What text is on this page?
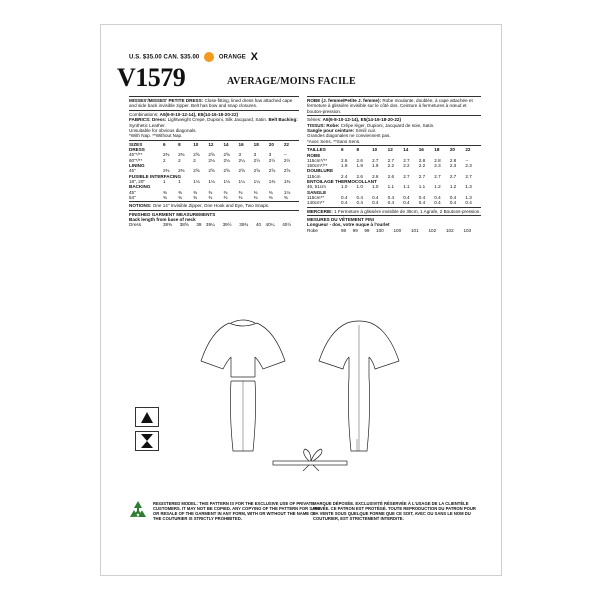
U.S. $35.00 CAN. $35.00	ORANGE X
V1579	AVERAGE/MOINS FACILE

MISSES'/MISSES' PETITE DRESS: Close-fitting, lined dress has attached cape and side back invisible zipper. Belt has bow and snap closures.

Combinations: A5(6-8-10-12-14), E5(14-16-18-20-22)

FABRICS: Dress: Lightweight Crepe, Dupioni, Silk Jacquard, Satin. Belt Backing: Synthetic Leather.

Unsuitable for obvious diagonals.

*With Nap. **Without Nap.

SIZES	6	8	10	12	14	16	18	20	22
DRESS									
45"*/**	2⅜	2⅜	2⅝	2⅝	2⅝	3	3	3	--
60"*/**	2	2	2	2⅛	2⅛	2¼	2½	2½	2½
LINING									
45"	2⅜	2⅜	2⅝	2⅝	2⅝	2⅝	2⅝	2⅝	2⅝
FUSIBLE INTERFACING									
18", 20"	1	1	1⅛	1⅛	1⅛	1¼	1¼	1⅜	1⅜
BACKING									
45"	⅜	⅜	⅜	⅜	⅜	⅜	⅜	⅜	1⅛
54"	⅜	⅜	⅜	⅜	⅜	⅜	⅜	⅜	⅜

NOTIONS: One 14" Invisible Zipper, One Hook and Eye, Two Snaps.

FINISHED GARMENT MEASUREMENTS

Back length from base of neck

Dress	38⅜	38⅝	39	39¼	39½	39¾	40	40¼	40½

ROBE (J. femme/Petite J. femme): Robe moulante, doublée, à cape attachée et fermeture à glissière invisible sur le côté dos. Ceinture à fermetures à nœud et bouton-pression.

Séries: A5(6-8-10-12-14), E5(14-16-18-20-22)

TISSUS: Robe: Crêpe léger, Dupioni, Jacquard de soie, Satin.

Sangle pour ceinture: Simili cuir.

Grandes diagonales ne conviennent pas.

*Avec Sens. **Sans Sens.

TAILLES	6	8	10	12	14	16	18	20	22
ROBE									
115cm*/**	2.6	2.6	2.7	2.7	2.7	2.8	2.8	2.8	--
150cm*/**	1.9	1.9	1.9	2.2	2.2	2.2	2.3	2.3	2.3
DOUBLURE									
115cm	2.4	2.6	2.6	2.6	2.7	2.7	2.7	2.7	2.7
ENTOILAGE THERMOCOLLANT									
46, 51cm	1.0	1.0	1.0	1.1	1.1	1.1	1.2	1.2	1.3
SANGLE									
115cm**	0.4	0.4	0.4	0.4	0.4	0.4	0.4	0.4	1.3
140cm**	0.4	0.4	0.4	0.4	0.4	0.4	0.4	0.4	0.4

MERCERIE: 1 Fermeture à glissière invisible de 35cm, 1 Agrafe, 2 Boutons-pression.

MESURES DU VÊTEMENT FINI

Longueur - dos, votre nuque à l'ourlet

Robe	98	99	99	100	100	101	102	102	103
REGISTERED MODEL: THIS PATTERN IS FOR THE EXCLUSIVE USE OF PRIVATE CUSTOMERS. IT MAY NOT BE COPIED. ANY COPYING OF THE PATTERN FOR SALE OR RESALE OF THE GARMENT IN ANY FORM, WITH OR WITHOUT THE NAME OF THE COUTURIER IS STRICTLY PROHIBITED.
MARQUE DÉPOSÉE. EXCLUSIVITÉ RÉSERVÉE À L'USAGE DE LA CLIENTÈLE PRIVÉE. CE PATRON EST PROTÉGÉ. TOUTE REPRODUCTION DU PATRON POUR LA VENTE SOUS QUELQUE FORME QUE CE SOIT, AVEC OU SANS LE NOM DU COUTURIER, EST STRICTEMENT INTERDITE.
